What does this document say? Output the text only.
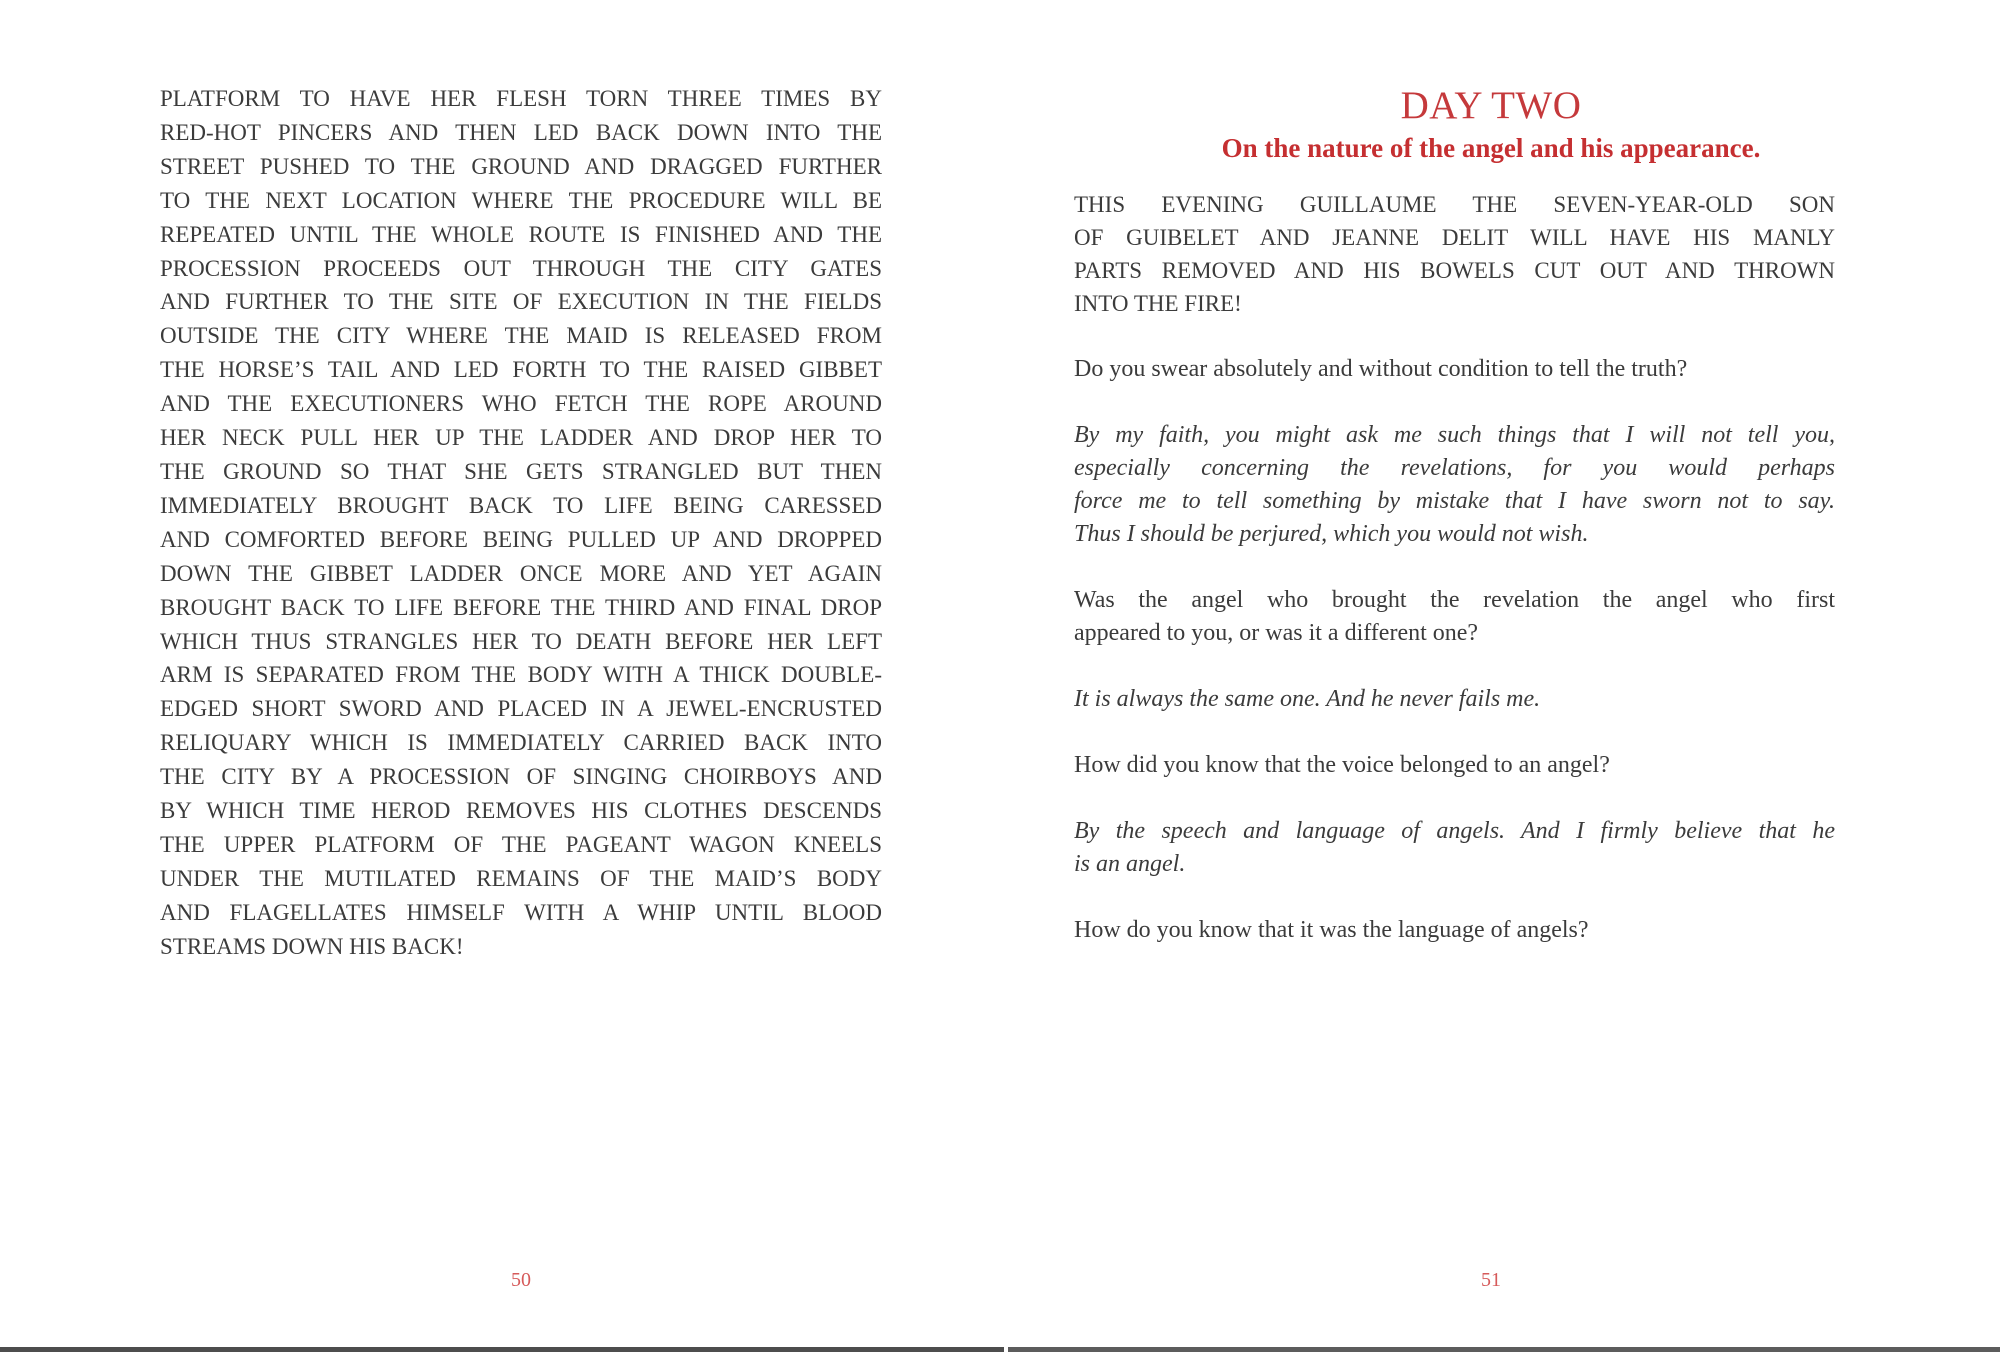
PLATFORM TO HAVE HER FLESH TORN THREE TIMES BY
RED-HOT PINCERS AND THEN LED BACK DOWN INTO THE
STREET PUSHED TO THE GROUND AND DRAGGED FURTHER
TO THE NEXT LOCATION WHERE THE PROCEDURE WILL BE
REPEATED UNTIL THE WHOLE ROUTE IS FINISHED AND THE
PROCESSION PROCEEDS OUT THROUGH THE CITY GATES
AND FURTHER TO THE SITE OF EXECUTION IN THE FIELDS
OUTSIDE THE CITY WHERE THE MAID IS RELEASED FROM
THE HORSE’S TAIL AND LED FORTH TO THE RAISED GIBBET
AND THE EXECUTIONERS WHO FETCH THE ROPE AROUND
HER NECK PULL HER UP THE LADDER AND DROP HER TO
THE GROUND SO THAT SHE GETS STRANGLED BUT THEN
IMMEDIATELY BROUGHT BACK TO LIFE BEING CARESSED
AND COMFORTED BEFORE BEING PULLED UP AND DROPPED
DOWN THE GIBBET LADDER ONCE MORE AND YET AGAIN
BROUGHT BACK TO LIFE BEFORE THE THIRD AND FINAL DROP
WHICH THUS STRANGLES HER TO DEATH BEFORE HER LEFT
ARM IS SEPARATED FROM THE BODY WITH A THICK DOUBLE-
EDGED SHORT SWORD AND PLACED IN A JEWEL-ENCRUSTED
RELIQUARY WHICH IS IMMEDIATELY CARRIED BACK INTO
THE CITY BY A PROCESSION OF SINGING CHOIRBOYS AND
BY WHICH TIME HEROD REMOVES HIS CLOTHES DESCENDS
THE UPPER PLATFORM OF THE PAGEANT WAGON KNEELS
UNDER THE MUTILATED REMAINS OF THE MAID’S BODY
AND FLAGELLATES HIMSELF WITH A WHIP UNTIL BLOOD
STREAMS DOWN HIS BACK!
DAY TWO
On the nature of the angel and his appearance.
THIS EVENING GUILLAUME THE SEVEN-YEAR-OLD SON
OF GUIBELET AND JEANNE DELIT WILL HAVE HIS MANLY
PARTS REMOVED AND HIS BOWELS CUT OUT AND THROWN
INTO THE FIRE!
Do you swear absolutely and without condition to tell the truth?
By my faith, you might ask me such things that I will not tell you,
especially concerning the revelations, for you would perhaps
force me to tell something by mistake that I have sworn not to say.
Thus I should be perjured, which you would not wish.
Was the angel who brought the revelation the angel who first
appeared to you, or was it a different one?
It is always the same one. And he never fails me.
How did you know that the voice belonged to an angel?
By the speech and language of angels. And I firmly believe that he
is an angel.
How do you know that it was the language of angels?
50	51
